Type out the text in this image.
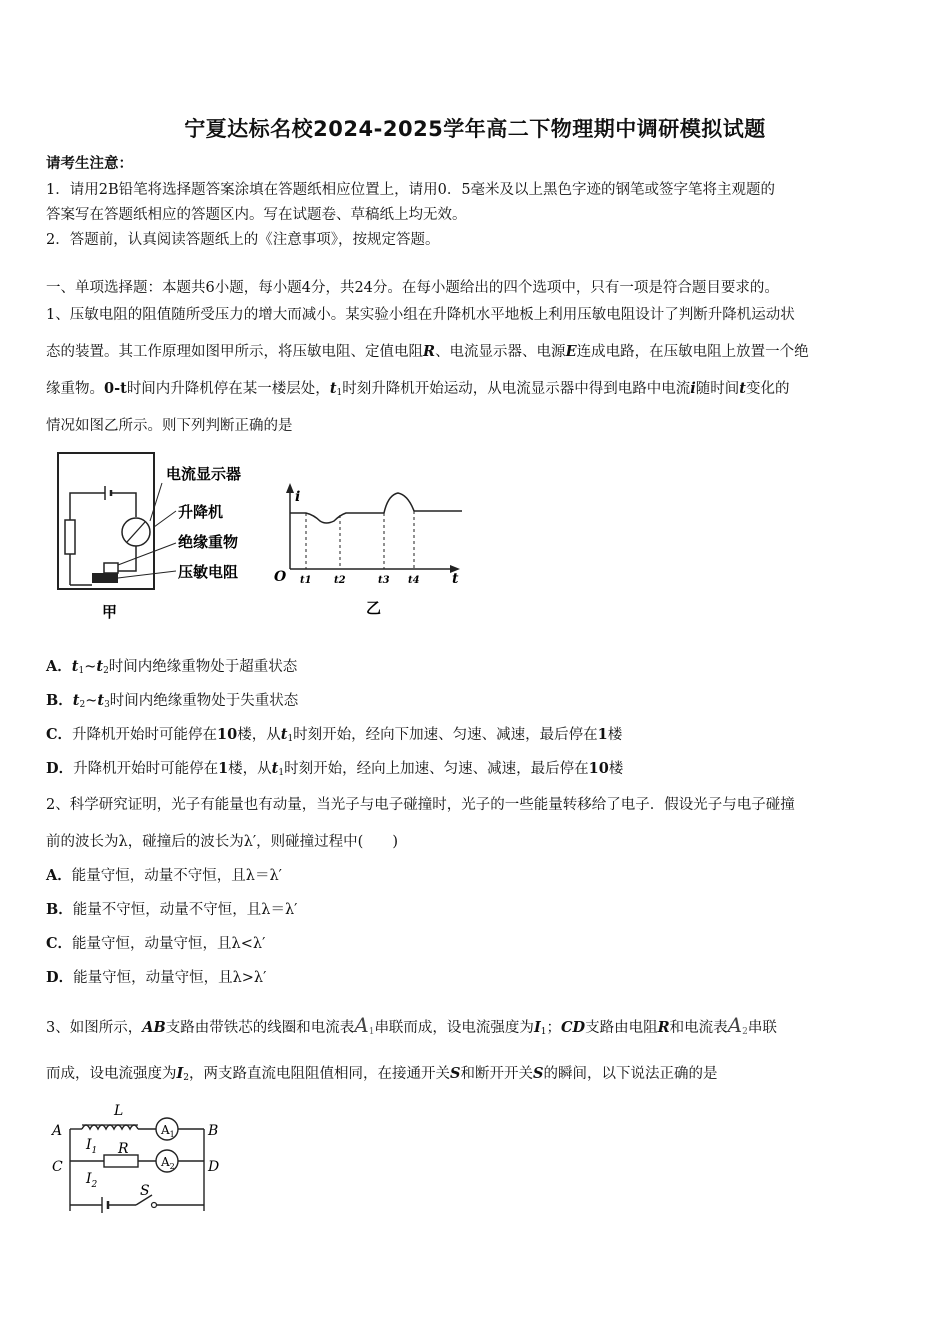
宁夏达标名校2024-2025学年高二下物理期中调研模拟试题
请考生注意：
1．请用2B铅笔将选择题答案涂填在答题纸相应位置上，请用0．5毫米及以上黑色字迹的钢笔或签字笔将主观题的
答案写在答题纸相应的答题区内。写在试题卷、草稿纸上均无效。
2．答题前，认真阅读答题纸上的《注意事项》，按规定答题。
一、单项选择题：本题共6小题，每小题4分，共24分。在每小题给出的四个选项中，只有一项是符合题目要求的。
1、压敏电阻的阻值随所受压力的增大而减小。某实验小组在升降机水平地板上利用压敏电阻设计了判断升降机运动状
态的装置。其工作原理如图甲所示，将压敏电阻、定值电阻R、电流显示器、电源E连成电路，在压敏电阻上放置一个绝
缘重物。0-t时间内升降机停在某一楼层处，$t_1$时刻升降机开始运动，从电流显示器中得到电路中电流i随时间t变化的
情况如图乙所示。则下列判断正确的是
电流显示器
升降机
绝缘重物
压敏电阻
甲
i
t
O t1 t2	t3 t4
乙
A．$t_1\sim t_2$时间内绝缘重物处于超重状态
B．$t_2\sim t_3$时间内绝缘重物处于失重状态
C．升降机开始时可能停在10楼，从$t_1$时刻开始，经向下加速、匀速、减速，最后停在1楼
D．升降机开始时可能停在1楼，从$t_1$时刻开始，经向上加速、匀速、减速，最后停在10楼
2、科学研究证明，光子有能量也有动量，当光子与电子碰撞时，光子的一些能量转移给了电子．假设光子与电子碰撞
前的波长为λ，碰撞后的波长为λ′，则碰撞过程中(　　)
A．能量守恒，动量不守恒，且λ＝λ′
B．能量不守恒，动量不守恒，且λ＝λ′
C．能量守恒，动量守恒，且λ<λ′
D．能量守恒，动量守恒，且λ>λ′
3、如图所示，AB支路由带铁芯的线圈和电流表$A_1$串联而成，设电流强度为$I_1$；CD支路由电阻R和电流表$A_2$串联
而成，设电流强度为$I_2$，两支路直流电阻阻值相同，在接通开关S和断开开关S的瞬间，以下说法正确的是
A	B
C	D
L
R
S
$I_1$
$I_2$
$A_1$
$A_2$
